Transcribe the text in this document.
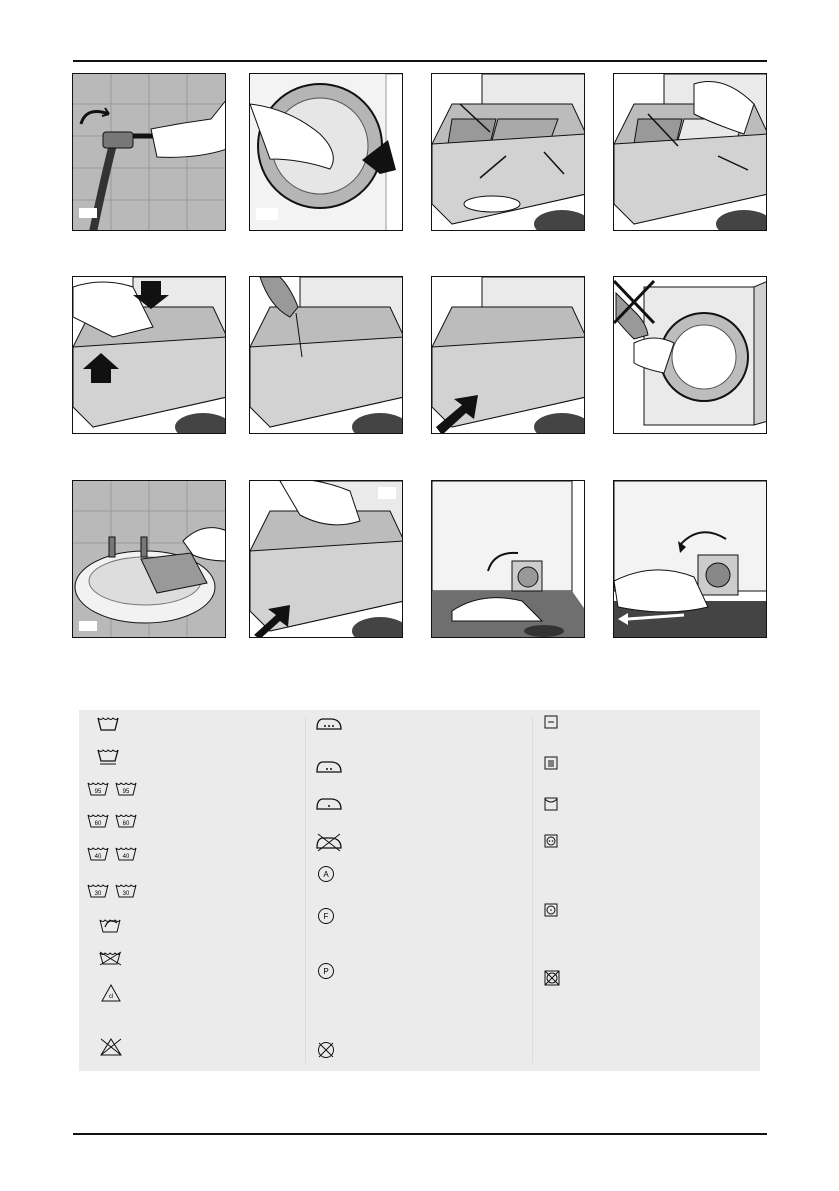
95	95
60	60
40	40
30	30
cl
A
F
P
